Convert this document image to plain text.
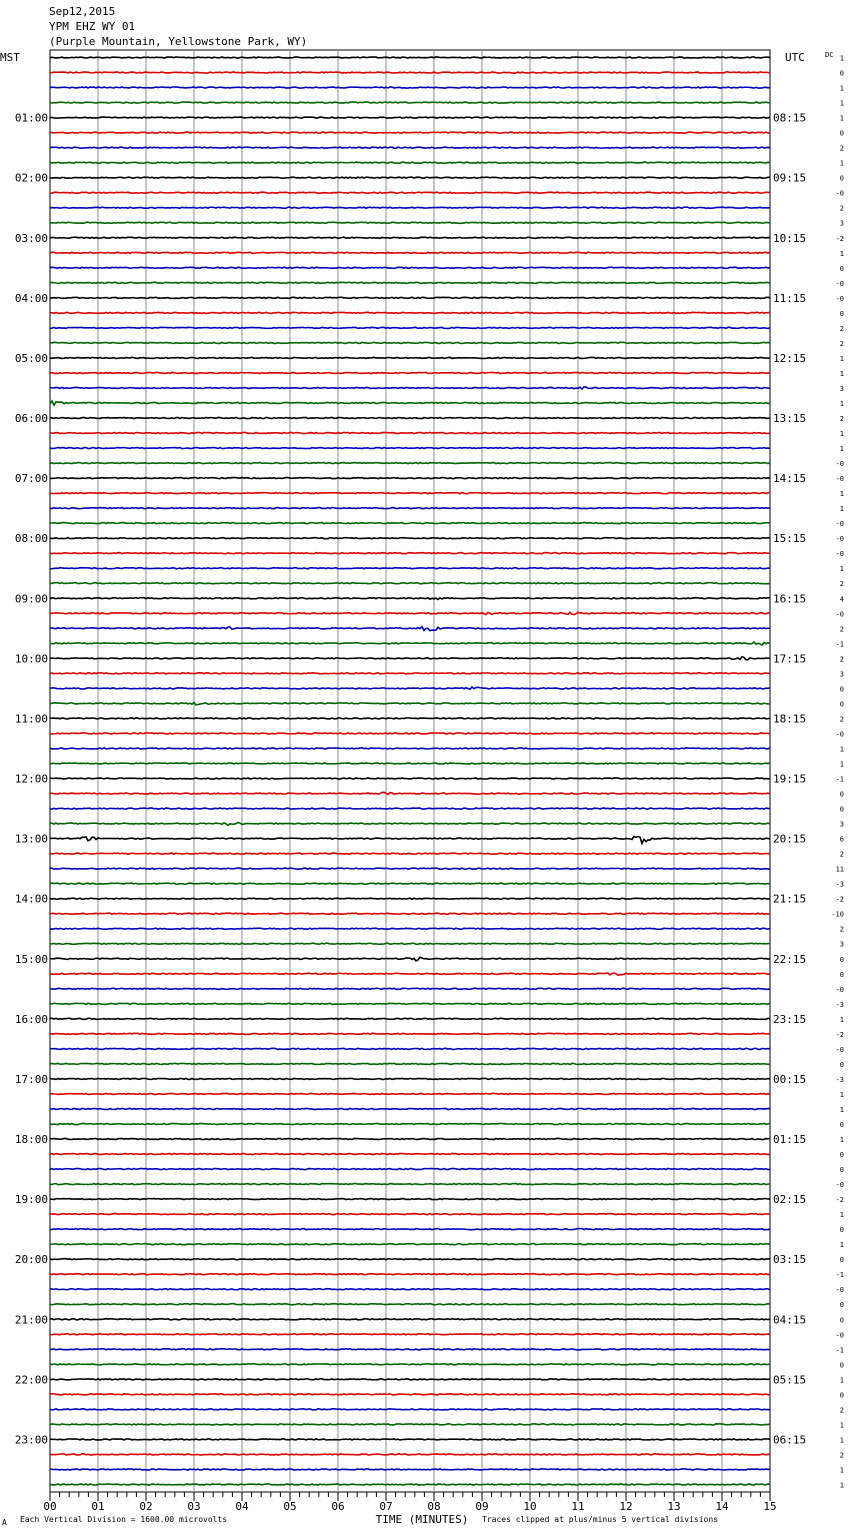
Sep12,2015
YPM EHZ WY 01
(Purple Mountain, Yellowstone Park, WY)
01:00	08:15
02:00	09:15
03:00	10:15
04:00	11:15
05:00	12:15
06:00	13:15
07:00	14:15
08:00	15:15
09:00	16:15
10:00	17:15
11:00	18:15
12:00	19:15
13:00	20:15
14:00	21:15
15:00	22:15
16:00	23:15
17:00	00:15
18:00	01:15
19:00	02:15
20:00	03:15
21:00	04:15
22:00	05:15
23:00	06:15
MST	UTC	DC 1
0
1
1
1
0
2
1
0
-0
2
3
-2
1
0
-0
-0
0
2
2
1
1
3
1
2
1
1
-0
-0
1
1
-0
-0
-0
1
2
4
-0
2
-1
2
3
0
0
2
-0
1
1
-1
0
0
3
6
2
11
-3
-2
-10
2
3
0
0
-0
-3
1
-2
-0
0
-3
1
1
0
1
0
0
-0
-2
1
0
1
0
-1
-0
0
0
-0
-1
0
1
0
2
1
1
2
1
1
00	01	02	03	04	05	06	07	08	09	10	11	12	13	14	15
TIME (MINUTES)
A Each Vertical Division = 1600.00 microvolts	Traces clipped at plus/minus 5 vertical divisions
